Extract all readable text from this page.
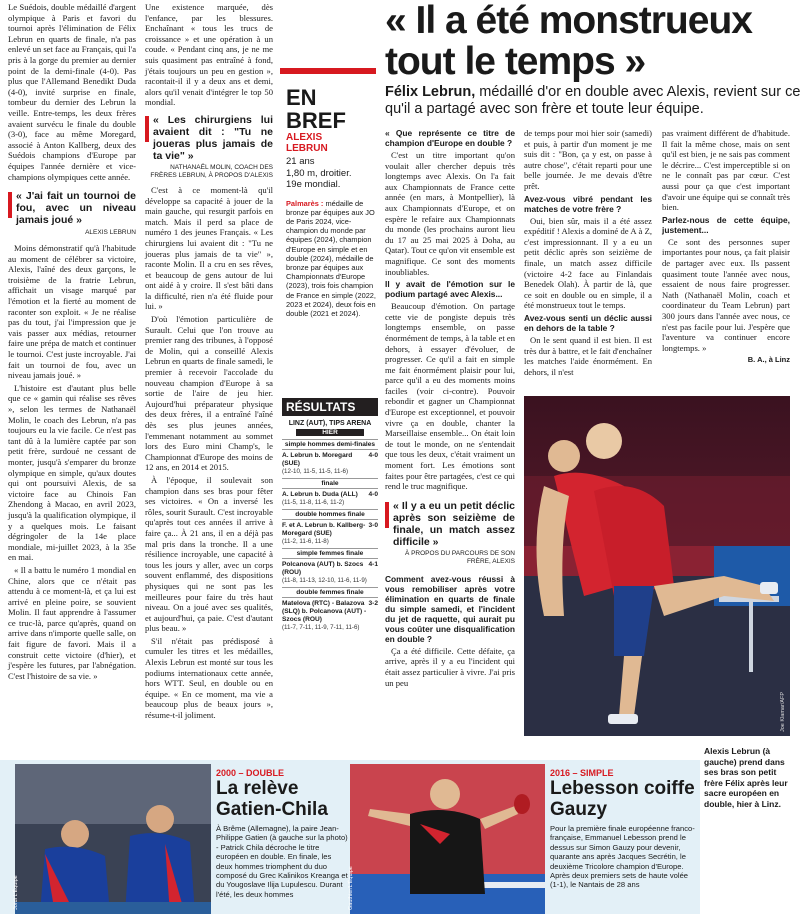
Le Suédois, double médaillé d'argent olympique à Paris et favori du tournoi après l'élimination de Félix Lebrun en quarts de finale, n'a pas enlevé un set face au Français, qui l'a pris à la gorge du premier au dernier point de la demi-finale (4-0). Pas plus que l'Allemand Benedikt Duda (4-0), invité surprise en finale, tombeur du dernier des Lebrun la veille. Entre-temps, les deux frères avaient survécu le finale du double (3-0), face au même Moregard, associé à Anton Kallberg, deux des Suédois champions d'Europe par équipes l'année dernière et vice-champions olympiques cette année.

« J'ai fait un tournoi de fou, avec un niveau jamais joué »
ALEXIS LEBRUN

Moins démonstratif qu'à l'habitude au moment de célébrer sa victoire, Alexis, l'aîné des deux garçons, le troisième de la fratrie Lebrun, affichait un visage marqué par l'émotion et la fierté au moment de raconter son exploit. « Je ne réalise pas du tout, j'ai l'impression que je vais passer aux médias, retourner faire une prépa de match et continuer le tournoi. C'est juste incroyable. J'ai fait un tournoi de fou, avec un niveau jamais joué. »

L'histoire est d'autant plus belle que ce « gamin qui réalise ses rêves », selon les termes de Nathanaël Molin, le coach des Lebrun, n'a pas toujours eu la vie facile. Ce n'est pas tant dû à la lumière captée par son petit frère, surdoué ne cessant de monter, jusqu'à s'emparer du bronze olympique en simple, qu'aux doutes qui ont poursuivi Alexis, de sa victoire face au Chinois Fan Zhendong à Macao, en avril 2023, jusqu'à la qualification olympique, il y a quelques mois. Le faisant dégringoler de la 14e place mondiale, mi-juillet 2023, à la 35e en mai.

« Il a battu le numéro 1 mondial en Chine, alors que ce n'était pas attendu à ce moment-là, et ça lui est arrivé en pleine poire, se souvient Molin. Il faut apprendre à l'assumer ce truc-là, parce qu'après, quand on arrive dans n'importe quelle salle, on fait figure de favori. Mais il a construit cette victoire (d'hier), et j'espère les futures, par l'abnégation. C'est l'histoire de sa vie. »

Une existence marquée, dès l'enfance, par les blessures. Enchaînant « tous les trucs de croissance » et une opération à un coude. « Pendant cinq ans, je ne me suis quasiment pas entraîné à fond, j'étais toujours un peu en gestion », racontait-il il y a deux ans et demi, alors qu'il venait d'intégrer le top 50 mondial.

« Les chirurgiens lui avaient dit : "Tu ne joueras plus jamais de ta vie" »
NATHANAËL MOLIN, COACH DES FRÈRES LEBRUN, À PROPOS D'ALEXIS

C'est à ce moment-là qu'il développe sa capacité à jouer de la main gauche, qui resurgit parfois en match. Mais il perd sa place de numéro 1 des jeunes Français. « Les chirurgiens lui avaient dit : "Tu ne joueras plus jamais de ta vie" », raconte Molin. Il a cru en ses rêves, et beaucoup de gens autour de lui ont aidé à y croire. Il s'est bâti dans la difficulté, rien n'a été fluide pour lui. »

D'où l'émotion particulière de Surault. Celui que l'on trouve au premier rang des tribunes, à l'opposé de Molin, qui a conseillé Alexis Lebrun en quarts de finale samedi, le premier à recevoir l'accolade du nouveau champion d'Europe à sa sortie de l'aire de jeu hier. Aujourd'hui préparateur physique des deux frères, il a entraîné l'aîné dès ses plus jeunes années, l'emmenant notamment au sommet lors des Euro mini Champ's, le Championnat d'Europe des moins de 12 ans, en 2014 et 2015.

À l'époque, il soulevait son champion dans ses bras pour fêter ses victoires. « On a inversé les rôles, sourit Surault. C'est incroyable qu'après tout ces années il arrive à faire ça... À 21 ans, il en a déjà pas mal pris dans la tronche. Il a une résilience incroyable, une capacité à tous les jours y aller, avec un corps souvent enflammé, des dispositions physiques qui ne sont pas les meilleures pour faire du très haut niveau. On a joué avec ses qualités, et aujourd'hui, ça paie. C'est d'autant plus beau. »

S'il n'était pas prédisposé à cumuler les titres et les médailles, Alexis Lebrun est monté sur tous les podiums internationaux cette année, hors WTT. Seul, en double ou en équipe. « En ce moment, ma vie a beaucoup plus de beaux jours », résume-t-il joliment.

« Il a été monstrueux tout le temps »
Félix Lebrun, médaillé d'or en double avec Alexis, revient sur ce qu'il a partagé avec son frère et toute leur équipe.
EN BREF
ALEXIS LEBRUN
21 ans
1,80 m, droitier.
19e mondial.
Palmarès : médaille de bronze par équipes aux JO de Paris 2024, vice-champion du monde par équipes (2024), champion d'Europe en simple et en double (2024), médaille de bronze par équipes aux Championnats d'Europe (2023), trois fois champion de France en simple (2022, 2023 et 2024), deux fois en double (2021 et 2024).
RÉSULTATS
LINZ (AUT), TIPS ARENA
HIER
simple hommes demi-finales
4-0
A. Lebrun b. Moregard (SUE)
(12-10, 11-5, 11-5, 11-6)
finale
4-0
A. Lebrun b. Duda (ALL)
(11-5, 11-8, 11-6, 11-2)
double hommes finale
3-0
F. et A. Lebrun b. Kallberg-Moregard (SUE)
(11-2, 11-6, 11-8)
simple femmes finale
4-1
Polcanova (AUT) b. Szocs (ROU)
(11-8, 11-13, 12-10, 11-6, 11-9)
double femmes finale
3-2
Matelova (RTC) - Balazova (SLQ) b. Polcanova (AUT) - Szocs (ROU)
(11-7, 7-11, 11-9, 7-11, 11-6)

« Que représente ce titre de champion d'Europe en double ?

C'est un titre important qu'on voulait aller chercher depuis très longtemps avec Alexis. On l'a fait aux Championnats de France cette année (en mars, à Montpellier), là aux Championnats d'Europe, et on espère le refaire aux Championnats du monde (les prochains auront lieu du 17 au 25 mai 2025 à Doha, au Qatar). Tout ce qu'on vit ensemble est magnifique. Ce sont des moments inoubliables.

Il y avait de l'émotion sur le podium partagé avec Alexis...

Beaucoup d'émotion. On partage cette vie de pongiste depuis très longtemps ensemble, on passe énormément de temps, à la table et en dehors, à essayer d'évoluer, de progresser. Ce qu'il a fait en simple me fait énormément plaisir pour lui, parce qu'il a eu des moments moins faciles (voir ci-contre). Pouvoir rebondir et gagner un Championnat d'Europe est exceptionnel, et pouvoir vivre ça en double, chanter la Marseillaise ensemble... On était loin de tout le monde, on ne s'entendait que tous les deux, c'était vraiment un moment fort. Les émotions sont faites pour être partagées, c'est ce qui rend le truc magnifique.

« Il y a eu un petit déclic après son seizième de finale, un match assez difficile »
À PROPOS DU PARCOURS DE SON FRÈRE, ALEXIS

Comment avez-vous réussi à vous remobiliser après votre élimination en quarts de finale du simple samedi, et l'incident du jet de raquette, qui aurait pu vous coûter une disqualification en double ?

Ça a été difficile. Cette défaite, ça arrive, après il y a eu l'incident qui était assez particulier à vivre. J'ai pris un peu

de temps pour moi hier soir (samedi) et puis, à partir d'un moment je me suis dit : "Bon, ça y est, on passe à autre chose", c'était reparti pour une belle journée. Je me devais d'être prêt.

Avez-vous vibré pendant les matches de votre frère ?

Oui, bien sûr, mais il a été assez expéditif ! Alexis a dominé de A à Z, c'est impressionnant. Il y a eu un petit déclic après son seizième de finale, un match assez difficile (victoire 4-2 face au Finlandais Benedek Olah). À partir de là, que ce soit en double ou en simple, il a été monstrueux tout le temps.

Avez-vous senti un déclic aussi en dehors de la table ?

On le sent quand il est bien. Il est très dur à battre, et le fait d'enchaîner les matches l'aide énormément. En dehors, il n'est

pas vraiment différent de d'habitude. Il fait la même chose, mais on sent qu'il est bien, je ne sais pas comment le décrire... C'est imperceptible si on ne le connaît pas par cœur. C'est aussi pour ça que c'est important d'avoir une équipe qui se connaît très bien.

Parlez-nous de cette équipe, justement...

Ce sont des personnes super importantes pour nous, ça fait plaisir de partager avec eux. Ils passent quasiment toute l'année avec nous, essaient de nous faire progresser. Nath (Nathanaël Molin, coach et coordinateur du Team Lebrun) part 300 jours dans l'année avec nous, ce n'est pas facile pour lui. J'espère que l'aventure va continuer encore longtemps. »

B. A., à Linz
Joe Klamar/AFP
Alexis Lebrun (à gauche) prend dans ses bras son petit frère Félix après leur sacre européen en double, hier à Linz.
Jordi L'Équipe
2000 – DOUBLE
La relève Gatien-Chila
À Brême (Allemagne), la paire Jean-Philippe Gatien (à gauche sur la photo) - Patrick Chila décroche le titre européen en double. En finale, les deux hommes triomphent du duo composé du Grec Kalinikos Kreanga et du Yougoslave Ilija Lupulescu. Durant l'été, les deux hommes	Gauthier/L'Équipe
2016 – SIMPLE
Lebesson coiffe Gauzy
Pour la première finale européenne franco-française, Emmanuel Lebesson prend le dessus sur Simon Gauzy pour devenir, quarante ans après Jacques Secrétin, le deuxième Tricolore champion d'Europe. Après deux premiers sets de haute volée (1-1), le Nantais de 28 ans
